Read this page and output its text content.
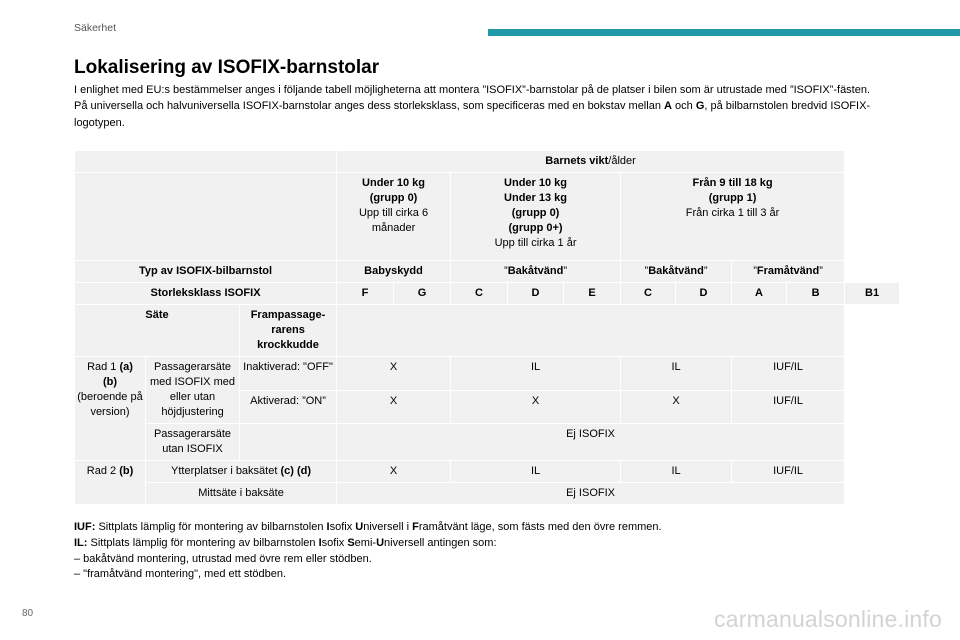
Säkerhet
Lokalisering av ISOFIX-barnstolar

I enlighet med EU:s bestämmelser anges i följande tabell möjligheterna att montera ”ISOFIX”-barnstolar på de platser i bilen som är utrustade med ”ISOFIX”-fästen.

På universella och halvuniversella ISOFIX-barnstolar anges dess storleksklass, som specificeras med en bokstav mellan A och G, på bilbarnstolen bredvid ISOFIX-logotypen.

			Barnets vikt/ålder									
			Under 10 kg
(grupp 0)
Upp till cirka 6 månader		Under 10 kg
Under 13 kg
(grupp 0)
(grupp 0+)
Upp till cirka 1 år			Från 9 till 18 kg
(grupp 1)
Från cirka 1 till 3 år				
Typ av ISOFIX-bilbarnstol			Babyskydd		”Bakåtvänd”			”Bakåtvänd”		”Framåtvänd”		
Storleksklass ISOFIX			F	G	C	D	E	C	D	A	B	B1
Säte		Frampassagerarens krockkudde										
Rad 1 (a)
(b)
(beroende på version)	Passagerarsäte med ISOFIX med eller utan höjdjustering	Inaktiverad: "OFF"	X		IL			IL		IUF/IL		
		Aktiverad: ”ON”	X		X			X		IUF/IL		
	Passagerarsäte utan ISOFIX		Ej ISOFIX									
Rad 2 (b)	Ytterplatser i baksätet (c) (d)		X		IL			IL		IUF/IL		
	Mittsäte i baksäte		Ej ISOFIX									

IUF: Sittplats lämplig för montering av bilbarnstolen Isofix Universell i Framåtvänt läge, som fästs med den övre remmen.

IL: Sittplats lämplig för montering av bilbarnstolen Isofix Semi-Universell antingen som:

– bakåtvänd montering, utrustad med övre rem eller stödben.

– "framåtvänd montering", med ett stödben.

80	carmanualsonline.info
